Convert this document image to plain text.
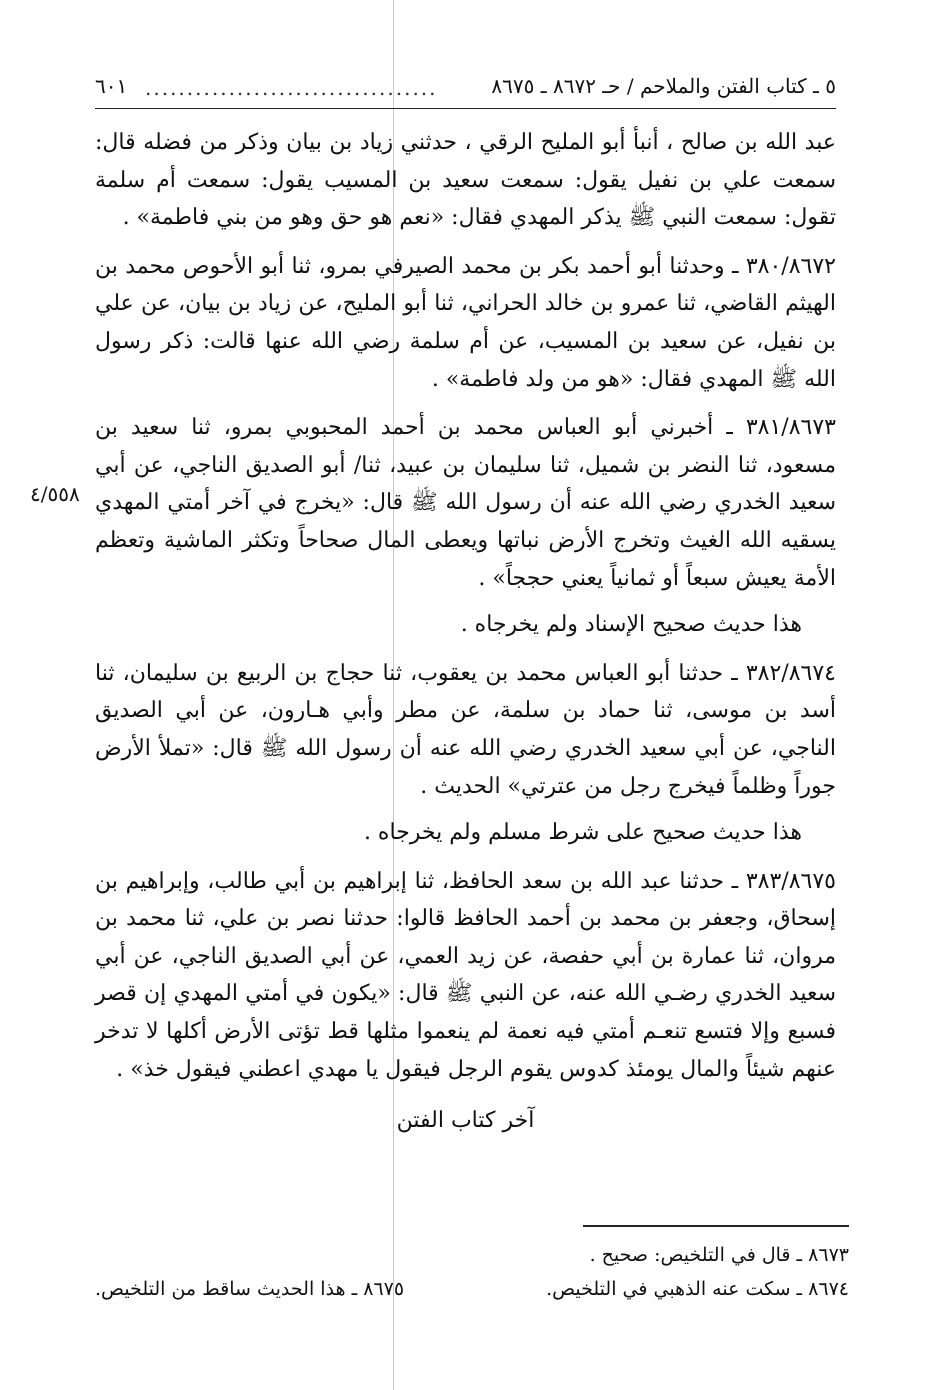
٥ ـ كتاب الفتن والملاحم / حـ ٨٦٧٢ ـ ٨٦٧٥
...................................
٦٠١
٤/٥٥٨

عبد الله بن صالح ، أنبأ أبو المليح الرقي ، حدثني زياد بن بيان وذكر من فضله قال: سمعت علي بن نفيل يقول: سمعت سعيد بن المسيب يقول: سمعت أم سلمة تقول: سمعت النبي ﷺ يذكر المهدي فقال: «نعم هو حق وهو من بني فاطمة» .

٣٨٠/٨٦٧٢ ـ وحدثنا أبو أحمد بكر بن محمد الصيرفي بمرو، ثنا أبو الأحوص محمد بن الهيثم القاضي، ثنا عمرو بن خالد الحراني، ثنا أبو المليح، عن زياد بن بيان، عن علي بن نفيل، عن سعيد بن المسيب، عن أم سلمة رضي الله عنها قالت: ذكر رسول الله ﷺ المهدي فقال: «هو من ولد فاطمة» .

٣٨١/٨٦٧٣ ـ أخبرني أبو العباس محمد بن أحمد المحبوبي بمرو، ثنا سعيد بن مسعود، ثنا النضر بن شميل، ثنا سليمان بن عبيد، ثنا/ أبو الصديق الناجي، عن أبي سعيد الخدري رضي الله عنه أن رسول الله ﷺ قال: «يخرج في آخر أمتي المهدي يسقيه الله الغيث وتخرج الأرض نباتها ويعطى المال صحاحاً وتكثر الماشية وتعظم الأمة يعيش سبعاً أو ثمانياً يعني حججاً» .

هذا حديث صحيح الإسناد ولم يخرجاه .

٣٨٢/٨٦٧٤ ـ حدثنا أبو العباس محمد بن يعقوب، ثنا حجاج بن الربيع بن سليمان، ثنا أسد بن موسى، ثنا حماد بن سلمة، عن مطر وأبي هـارون، عن أبي الصديق الناجي، عن أبي سعيد الخدري رضي الله عنه أن رسول الله ﷺ قال: «تملأ الأرض جوراً وظلماً فيخرج رجل من عترتي» الحديث .

هذا حديث صحيح على شرط مسلم ولم يخرجاه .

٣٨٣/٨٦٧٥ ـ حدثنا عبد الله بن سعد الحافظ، ثنا إبراهيم بن أبي طالب، وإبراهيم بن إسحاق، وجعفر بن محمد بن أحمد الحافظ قالوا: حدثنا نصر بن علي، ثنا محمد بن مروان، ثنا عمارة بن أبي حفصة، عن زيد العمي، عن أبي الصديق الناجي، عن أبي سعيد الخدري رضـي الله عنه، عن النبي ﷺ قال: «يكون في أمتي المهدي إن قصر فسبع وإلا فتسع تنعـم أمتي فيه نعمة لم ينعموا مثلها قط تؤتى الأرض أكلها لا تدخر عنهم شيئاً والمال يومئذ كدوس يقوم الرجل فيقول يا مهدي اعطني فيقول خذ» .

آخر كتاب الفتن

٨٦٧٣ ـ قال في التلخيص: صحيح .

٨٦٧٤ ـ سكت عنه الذهبي في التلخيص.
٨٦٧٥ ـ هذا الحديث ساقط من التلخيص.
